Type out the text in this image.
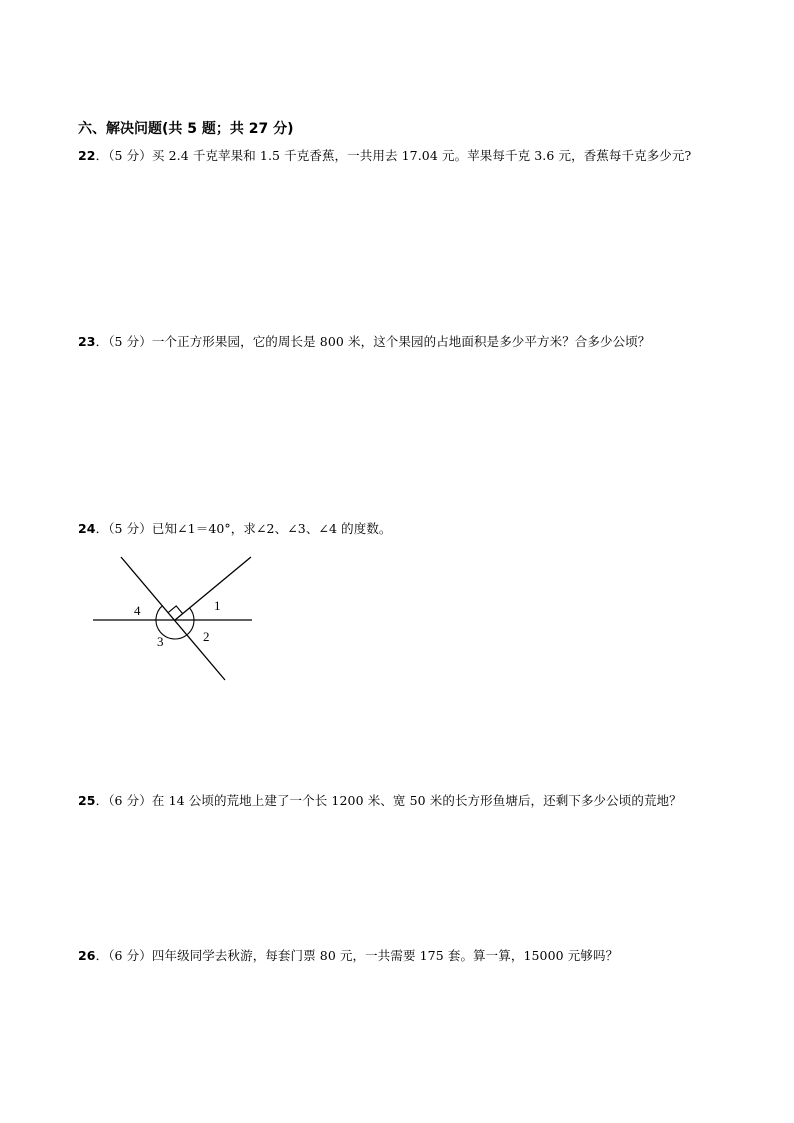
六、解决问题(共 5 题；共 27 分)
22．（5 分）买 2.4 千克苹果和 1.5 千克香蕉，一共用去 17.04 元。苹果每千克 3.6 元，香蕉每千克多少元?
23．（5 分）一个正方形果园，它的周长是 800 米，这个果园的占地面积是多少平方米？合多少公顷？
24．（5 分）已知∠1＝40°，求∠2、∠3、∠4 的度数。
1
2
3
4
25．（6 分）在 14 公顷的荒地上建了一个长 1200 米、宽 50 米的长方形鱼塘后，还剩下多少公顷的荒地？
26．（6 分）四年级同学去秋游，每套门票 80 元，一共需要 175 套。算一算，15000 元够吗？
